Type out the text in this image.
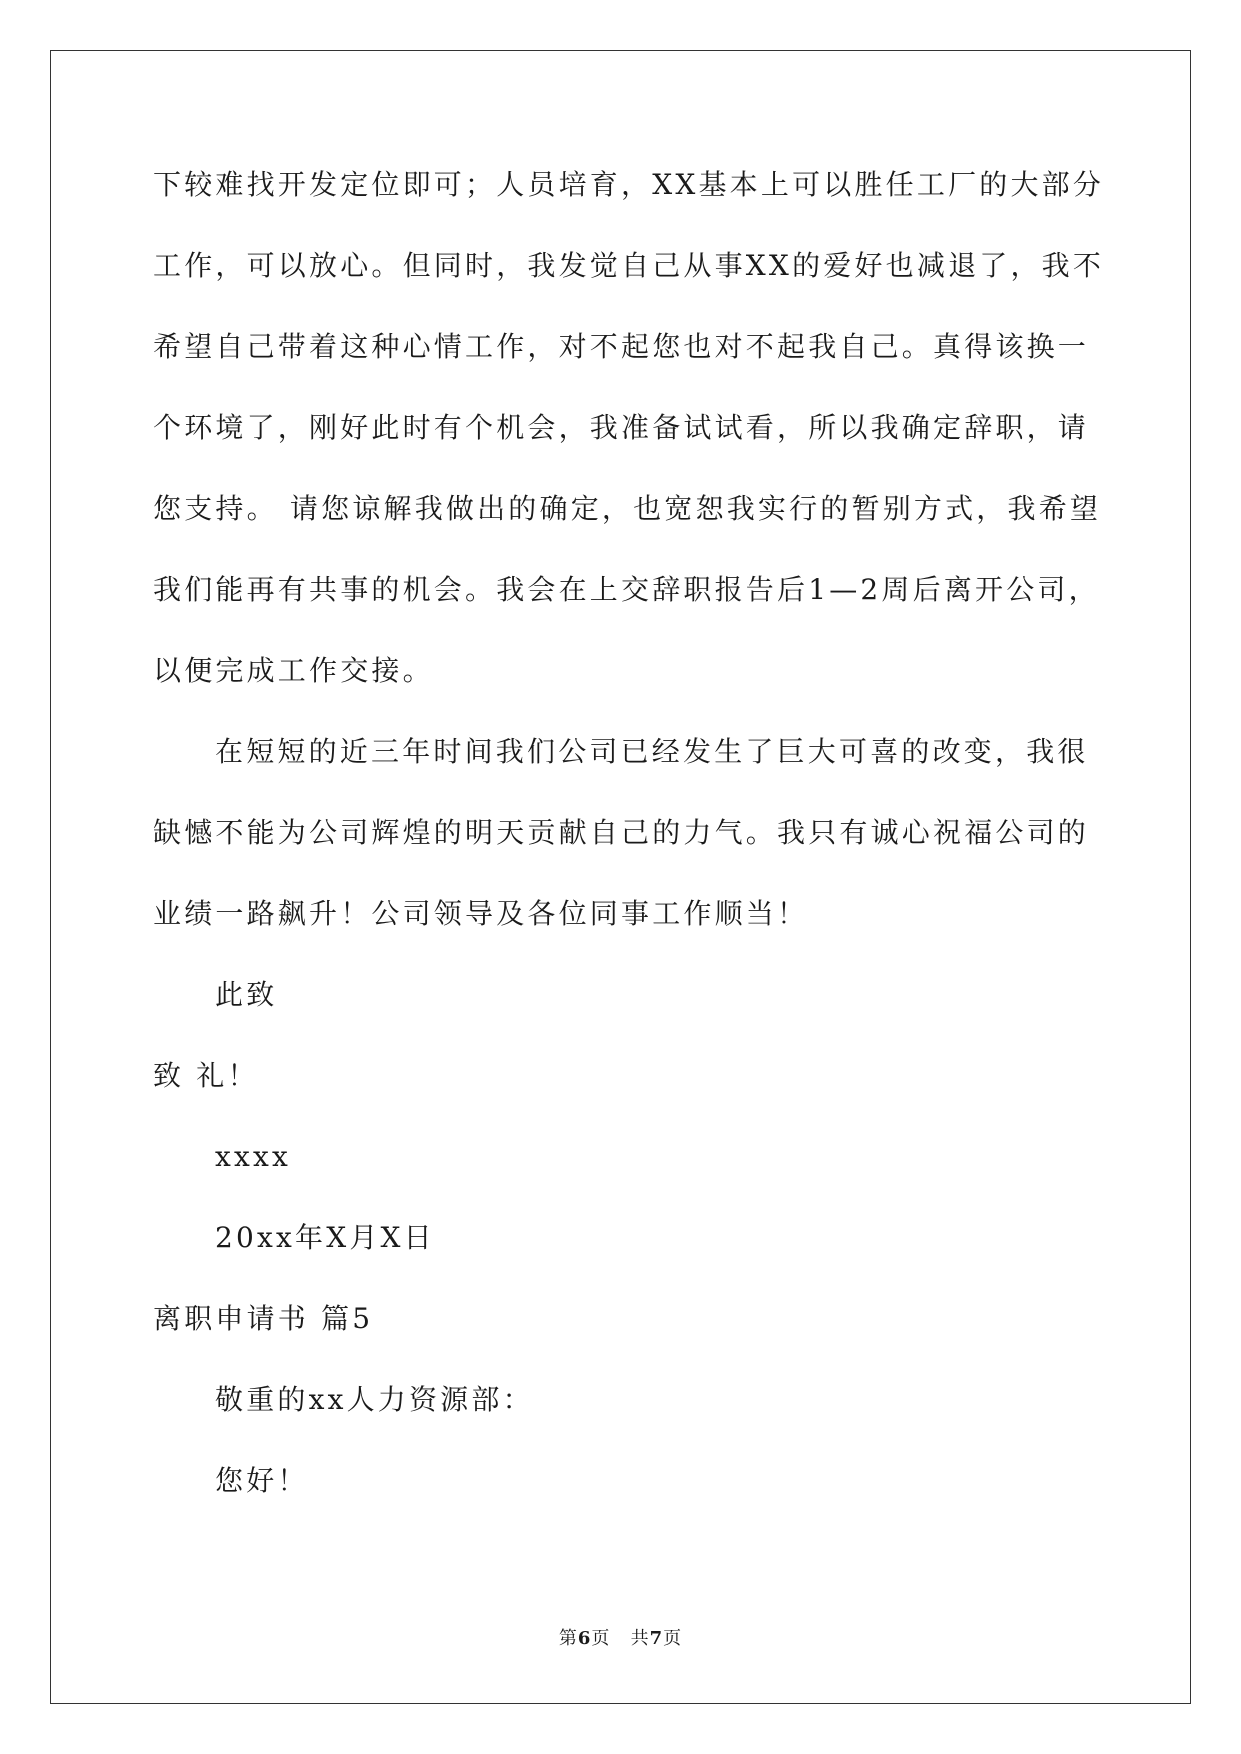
下较难找开发定位即可；人员培育，XX基本上可以胜任工厂的大部分
工作，可以放心。但同时，我发觉自己从事XX的爱好也减退了，我不
希望自己带着这种心情工作，对不起您也对不起我自己。真得该换一
个环境了，刚好此时有个机会，我准备试试看，所以我确定辞职，请
您支持。 请您谅解我做出的确定，也宽恕我实行的暂别方式，我希望
我们能再有共事的机会。我会在上交辞职报告后1—2周后离开公司，
以便完成工作交接。
在短短的近三年时间我们公司已经发生了巨大可喜的改变，我很
缺憾不能为公司辉煌的明天贡献自己的力气。我只有诚心祝福公司的
业绩一路飙升！公司领导及各位同事工作顺当！
此致
致 礼！
xxxx
20xx年X月X日
离职申请书 篇5
敬重的xx人力资源部：
您好！
第6页   共7页
